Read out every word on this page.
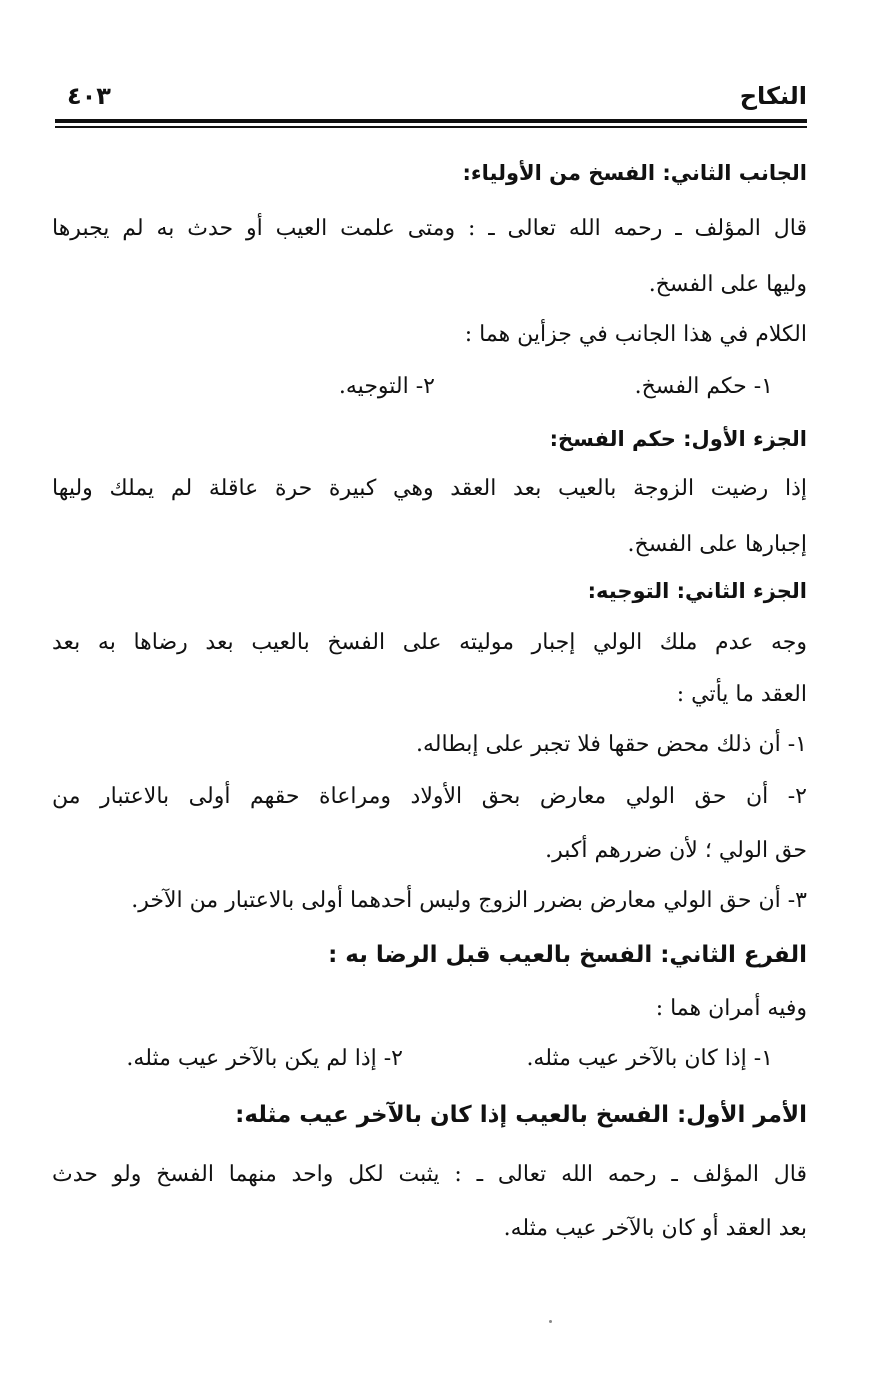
النكاح
٤٠٣
الجانب الثاني: الفسخ من الأولياء:
قال المؤلف ـ رحمه الله تعالى ـ : ومتى علمت العيب أو حدث به لم يجبرها
وليها على الفسخ.
الكلام في هذا الجانب في جزأين هما :
١- حكم الفسخ.
٢- التوجيه.
الجزء الأول: حكم الفسخ:
إذا رضيت الزوجة بالعيب بعد العقد وهي كبيرة حرة عاقلة لم يملك وليها
إجبارها على الفسخ.
الجزء الثاني: التوجيه:
وجه عدم ملك الولي إجبار موليته على الفسخ بالعيب بعد رضاها به بعد
العقد ما يأتي :
١- أن ذلك محض حقها فلا تجبر على إبطاله.
٢- أن حق الولي معارض بحق الأولاد ومراعاة حقهم أولى بالاعتبار من
حق الولي ؛ لأن ضررهم أكبر.
٣- أن حق الولي معارض بضرر الزوج وليس أحدهما أولى بالاعتبار من الآخر.
الفرع الثاني: الفسخ بالعيب قبل الرضا به :
وفيه أمران هما :
١- إذا كان بالآخر عيب مثله.
٢- إذا لم يكن بالآخر عيب مثله.
الأمر الأول: الفسخ بالعيب إذا كان بالآخر عيب مثله:
قال المؤلف ـ رحمه الله تعالى ـ : يثبت لكل واحد منهما الفسخ ولو حدث
بعد العقد أو كان بالآخر عيب مثله.
